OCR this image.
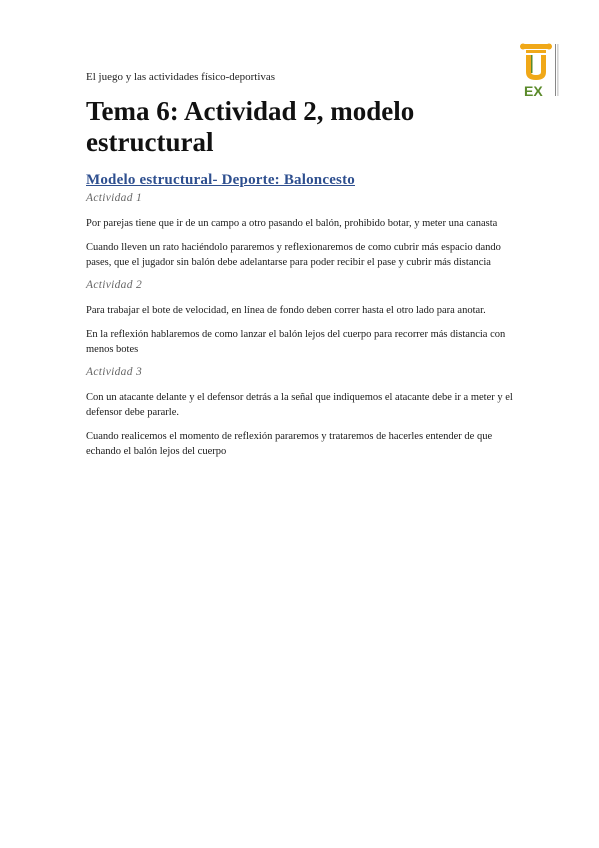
El juego y las actividades físico-deportivas
EX
Tema 6: Actividad 2, modelo estructural
Modelo estructural- Deporte: Baloncesto

Actividad 1

Por parejas tiene que ir de un campo a otro pasando el balón, prohibido botar, y meter una canasta

Cuando lleven un rato haciéndolo pararemos y reflexionaremos de como cubrir más espacio dando pases, que el jugador sin balón debe adelantarse para poder recibir el pase y cubrir más distancia

Actividad 2

Para trabajar el bote de velocidad, en línea de fondo deben correr hasta el otro lado para anotar.

En la reflexión hablaremos de como lanzar el balón lejos del cuerpo para recorrer más distancia con menos botes

Actividad 3

Con un atacante delante y el defensor detrás a la señal que indiquemos el atacante debe ir a meter y el defensor debe pararle.

Cuando realicemos el momento de reflexión pararemos y trataremos de hacerles entender de que echando el balón lejos del cuerpo
